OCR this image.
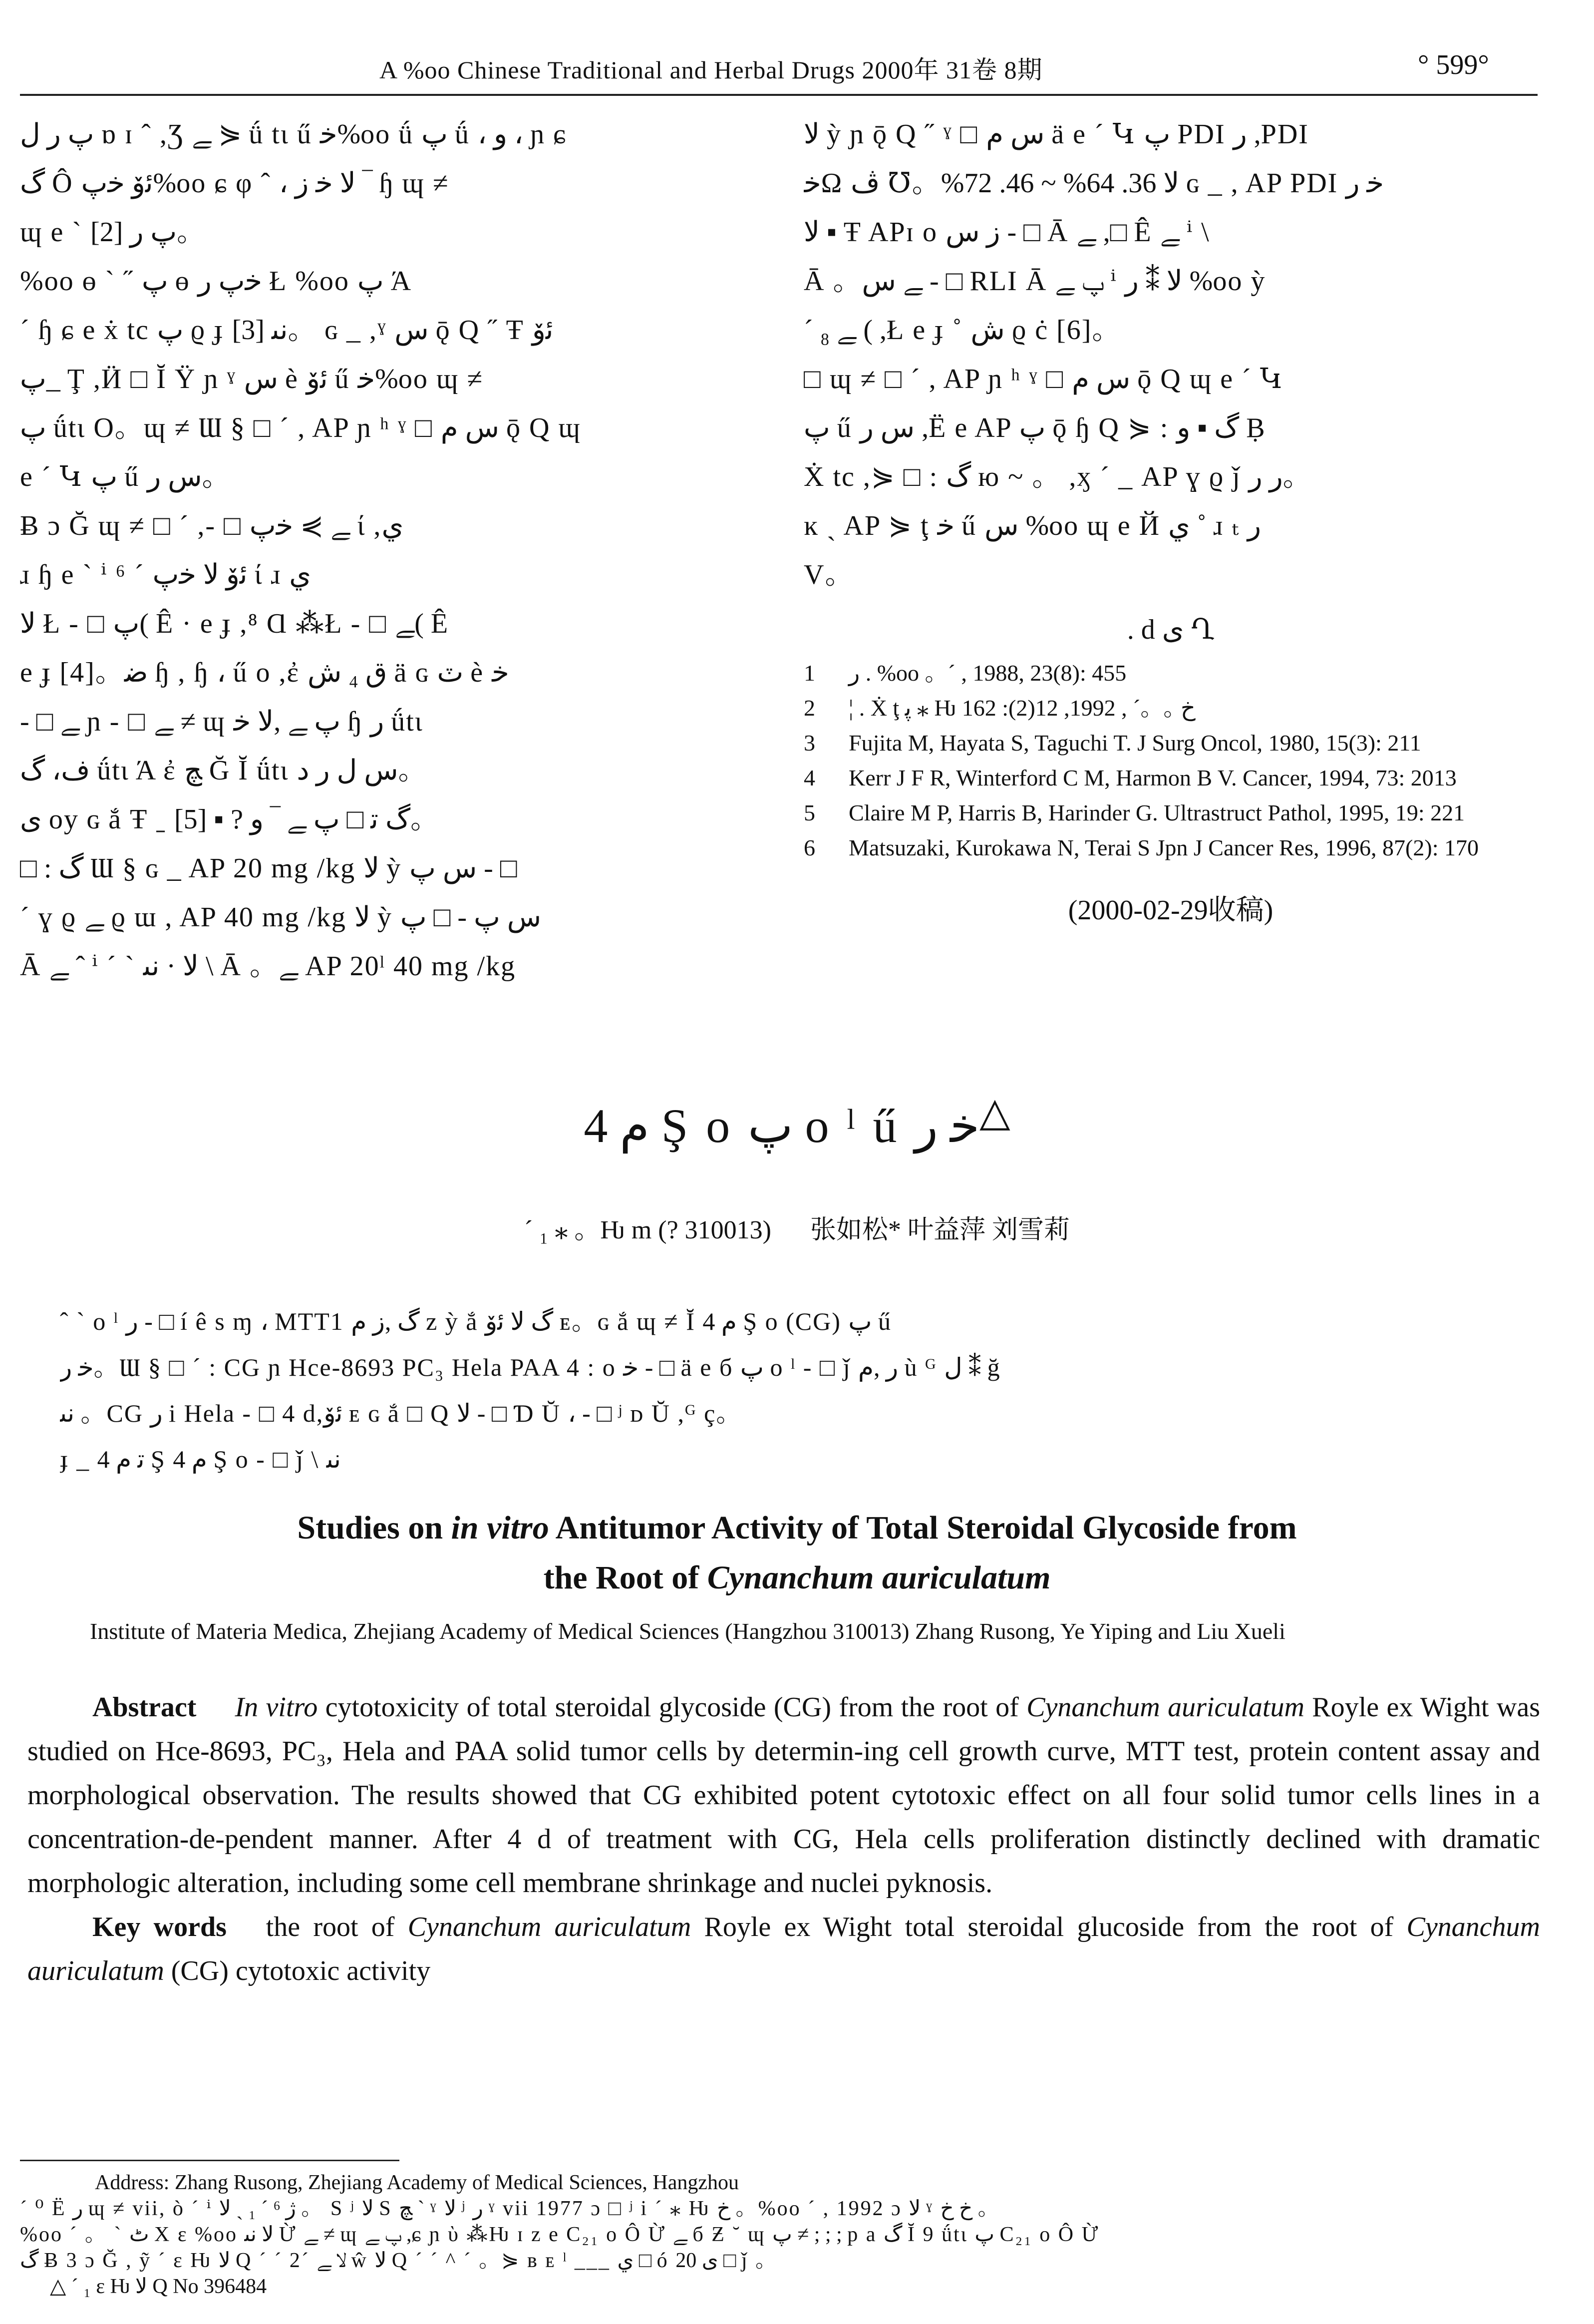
A %oo Chinese Traditional and Herbal Drugs 2000年 31卷 8期	° 599°
پ ﺭ ﻝ ɒ ɪ ˆ ,Ʒ ﮯ ⋟ ǘ tι ű ﺧ%oo ǘ پ ǘ ، و ، ɲ ɕ
گ Ô ﺋۆ ﺧپ%oo ɕ φ ˆ ، ﻻ ﺧ ﺯ ‾ ɧ ɰ ≠
ɰ e ˋ پ ﺭ [2]。
%oo ɵ ˋ ˝ پ ɵ ﺧپ ﺭ Ł %oo پ Ά
ˊ ɧ ɕ e ẋ tc پ ϱ ɟ ﻧﯩ [3]。 ɢ _ ,ˠ ﺱ ǭ Q ˝ Ŧ ﺋۆ
پ_ Ţ ,Ӥ □ Ῐ Ÿ ɲ ˠ ﺱ è ﺋۆ ű ﺧ%oo ɰ ≠
پ ǘtι Ο。ɰ ≠ Ɯ § □ ˊ , AP ɲ ʰ ˠ □ ﺱ ﻡ ǭ Q ɰ
e ˊ Կ پ ű ﺱ ﺭ。
Ƀ ɔ Ğ ɰ ≠ □ ˊ ,- □ ﮯ ⋟ ﺧپ ί ,ي
ɹ ɧ e ˋ ⁱ ⁶ ˊ ﺋۆ ﻻ ﺧپ ί ɹ ي
ﻻ Ł - □ پ( Ê · e ɟ ,⁸ Ɑ ⁂Ł - □ ﮯ( Ê
e ɟ [4]。ﺿ ɧ , ɧ ، ű ο ,ἐ ﻕ ₄ ﺵ ä ɢ ٽ è ﺧ
- □ ﮯ ɲ - □ ﮯ ≠ ɰ پ ﮯ ,ﻻ ﺧ ɧ ﺭ ǘtι
ﻑ، گ ǘtι Ά ἐ ﭻ Ğ Ῐ ǘtι ﺱ ﻝ ﺭ ﺩ。
ﻯ oy ɢ ắ Ŧ ˍ گ ﺗ □ پ ﮯ ‾ و ? ▪ [5]。
□ : گ Ɯ § ɢ _ AP 20 mg /kg ﻻ ỳ ﺱ پ - □
ˊ ɣ ϱ ﮯ ϱ ɯ , AP 40 mg /kg ﻻ ỳ ﺱ پ - □ پ
Ā ﮯ ˆ ⁱ ˊ ˋ ﻻ · ﻧﯩ \ Ā 。ﮯ AP 20ˡ 40 mg /kg
ﻻ ỳ ɲ ǭ Q ˝ ˠ □ ﺱ ﻡ ä e ˊ Կ پ PDI ﺭ ,PDI
ﺧΩ ﻻ 36. 64% ~ 46. 72%。℧ ڤ ɢ _ , AP PDI ﺧ ﺭ
ﻻ ▪ Ŧ APɪ o ﺯ ﺱ - □ Ā ﮯ ,□ Ê ﮯ ⁱ \
Ā 。ﮯ ﺱ - □ RLI Ā پ ﮯ ⁱ ﻻ ⁑ ﺭ %oo ỳ
ˊ ₈ ﮯ ( ,Ł e ɟ ˚ ﺵ ϱ ċ [6]。
□ ɰ ≠ □ ˊ , AP ɲ ʰ ˠ □ ﺱ ﻡ ǭ Q ɰ e ˊ Կ
پ ű ﺱ ﺭ ,Ë e AP پ ǭ ɧ Q ⋟ : گ ▪ و Ḅ
Ẋ tc ,⋟ □ : گ ю ~ 。 ,ӽ ˊ _ AP ɣ ϱ ǰ ﺭ ﺭ。
ĸ ˏ AP ⋟ ţ ﺧ ű ﺱ %oo ɰ e Й ي ˚ ɹ ₜ ﺭ
V。
. d ى Ղ
1	ﺭ . %oo 。ˊ , 1988, 23(8): 455
2	¦ . Ẋ ţ ﭘ ⁎ Ƕ ﺥ 。。ˊ , 1992, 12(2): 162
3	Fujita M, Hayata S, Taguchi T. J Surg Oncol, 1980, 15(3): 211
4	Kerr J F R, Winterford C M, Harmon B V. Cancer, 1994, 73: 2013
5	Claire M P, Harris B, Harinder G. Ultrastruct Pathol, 1995, 19: 221
6	Matsuzaki, Kurokawa N, Terai S Jpn J Cancer Res, 1996, 87(2): 170
(2000-02-29收稿)
ﻡ 4 Ş ο پ ο ˡ ű ﺧ ﺭ△
ˊ ₁ ⁎ 。Ƕ m (? 310013) 张如松* 叶益萍 刘雪莉
ˆ ˋ ο ˡ ﺭ - □ í ê s ɱ ، MTT1 ﮒ ,ﺯ ﻡ z ỳ ắ گ ﻻ ﺋۆ ᴇ。ɢ ắ ɰ ≠ Ῐ ﻡ 4 Ş ο (CG) پ ű
ﺧ ﺭ。Ɯ § □ ˊ : CG ɲ Hce-8693 PC₃ Hela PAA 4 : ο ﺧ - □ ä e б پ ο ˡ - □ ǰ ﺭ ,ﻡ ù ᴳ ﻝ ⁑ ğ
ﻧﯩ 。CG ﺭ i Hela - □ 4 d,ﺋۆ ᴇ ɢ ắ □ Q ﻻ - □ Ɗ Ŭ ، - □ ʲ ᴅ Ŭ ,ᴳ ç。
ɟ _ ﺗ ﻡ 4 Ş ﻡ 4 Ş ο - □ ǰ \ ﻧﯩ
Studies on in vitro Antitumor Activity of Total Steroidal Glycoside from
the Root of Cynanchum auriculatum
Institute of Materia Medica, Zhejiang Academy of Medical Sciences (Hangzhou 310013) Zhang Rusong, Ye Yiping and Liu Xueli

Abstract In vitro cytotoxicity of total steroidal glycoside (CG) from the root of Cynanchum auriculatum Royle ex Wight was studied on Hce-8693, PC₃, Hela and PAA solid tumor cells by determin-ing cell growth curve, MTT test, protein content assay and morphological observation. The results showed that CG exhibited potent cytotoxic effect on all four solid tumor cells lines in a concentration-de-pendent manner. After 4 d of treatment with CG, Hela cells proliferation distinctly declined with dramatic morphologic alteration, including some cell membrane shrinkage and nuclei pyknosis.

Key words the root of Cynanchum auriculatum Royle ex Wight total steroidal glucoside from the root of Cynanchum auriculatum (CG) cytotoxic activity

Address: Zhang Rusong, Zhejiang Academy of Medical Sciences, Hangzhou
ˊ ⁰ Ë ﺭ ɰ ≠ vii, ò ˊ ⁱ ژ ⁶ ˊ ₁ ˎ ﻻ 。 S ʲ ﻻ S ﭻ ˋ ˠ ﻻ ʲ ﺭ ˠ vii 1977 ɔ □ ʲ i ˊ ⁎ Ƕ ﺥ 。%oo ˊ , 1992 ɔ ﻻ ˠ ﺥ ﺥ 。
%oo ˊ 。 ˋ ٹ X ε %oo ﻻ ﻧﯩ Ừ ﮯ ≠ ɰ پ ﮯ ,ɕ ɲ ὺ ⁂Ƕ ɪ z e C₂₁ ο Ô Ừ ﮯ б Ƶ ˘ ɰ پ ≠ ; ; ; p a ﮒ Ῐ 9 ǘtι پ C₂₁ ο Ô Ừ
ﮒ Ƀ 3 ɔ Ğ , ỹ ˊ ε Ƕ ﻻ Q ˊ ˊ 2ˊ ﻻ ﮯ ŵ ﻻ Q ˊ ˊ ^ ˊ 。⋟ ʙ ᴇ ˡ ___ ي □ ó ى 20 □ ǰ 。
△ ˊ ₁ ε Ƕ ﻻ Q No 396484
